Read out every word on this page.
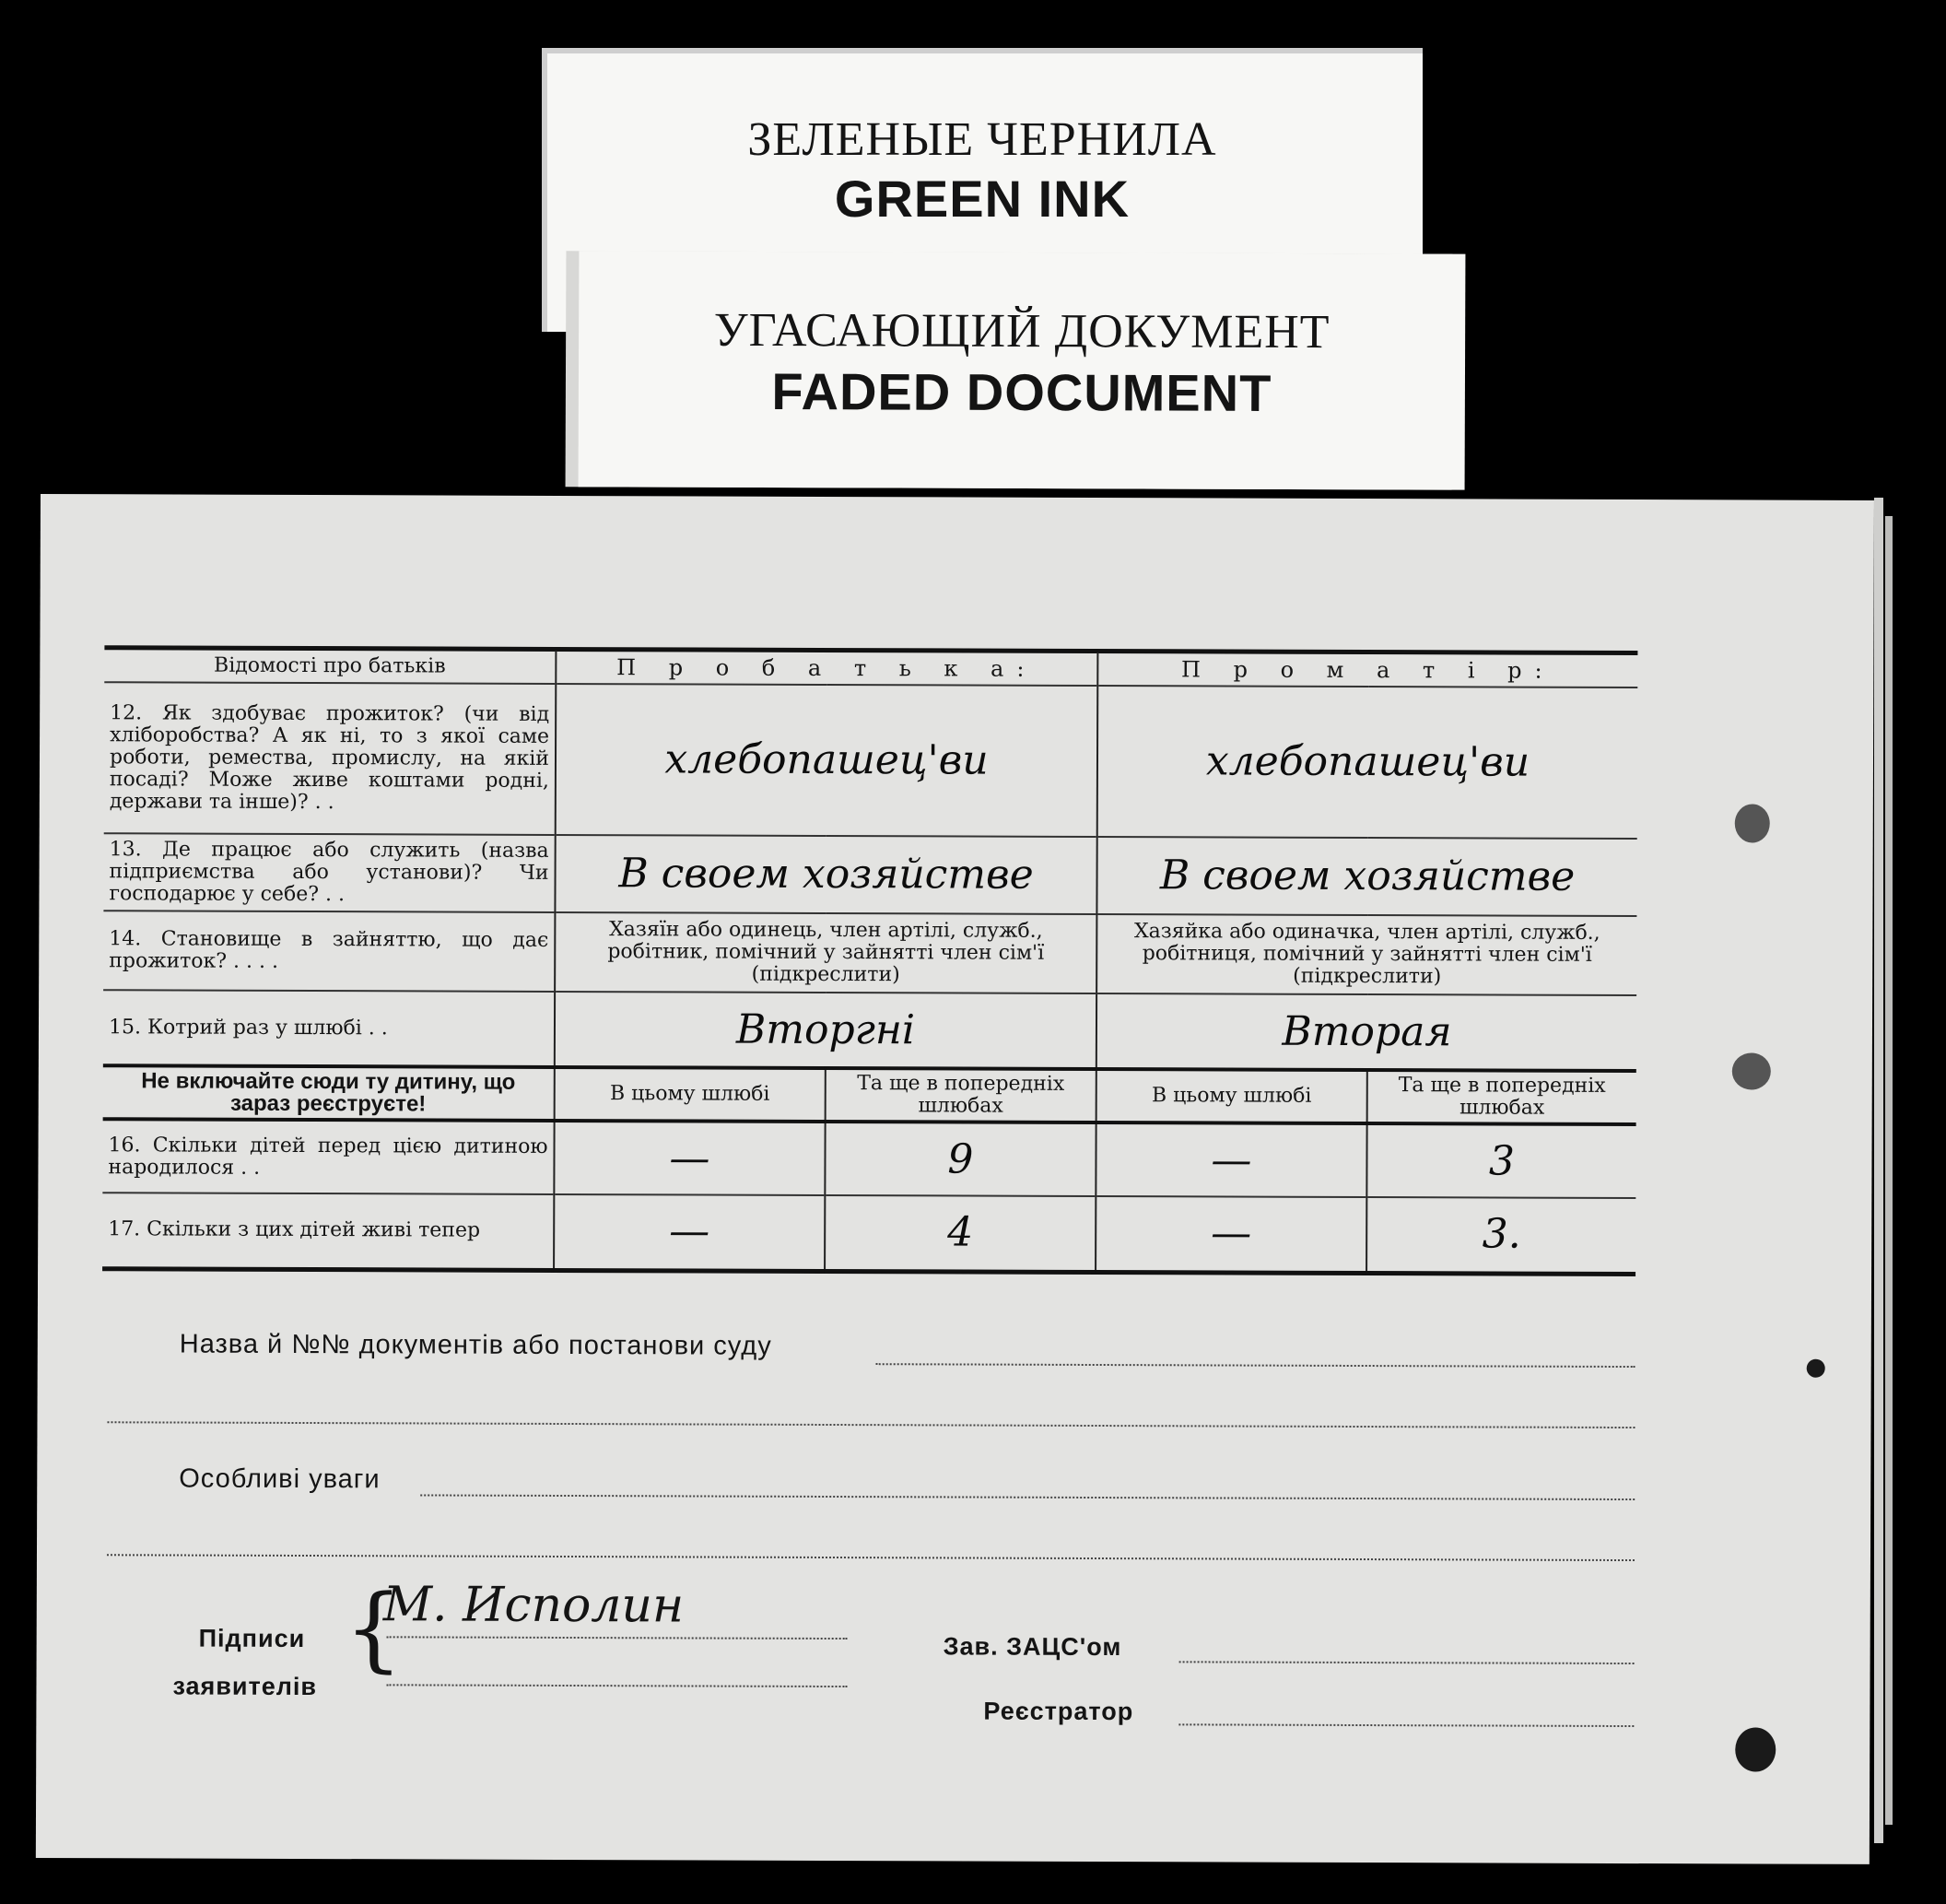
ЗЕЛЕНЫЕ ЧЕРНИЛА
GREEN INK
УГАСАЮЩИЙ ДОКУМЕНТ
FADED DOCUMENT
Відомості про батьків	П р о б а т ь к а:		П р о м а т і р:	
12. Як здобуває прожиток? (чи від хліборобства? А як ні, то з якої саме роботи, ремества, промислу, на якій посаді? Може живе коштами родні, держави та інше)? . .	хлебопашец'ви		хлебопашец'ви	
13. Де працює або служить (назва підприємства або установи)? Чи господарює у себе? . .	В своем хозяйстве		В своем хозяйстве	
14. Становище в зайняттю, що дає прожиток? . . . .	Хазяїн або одинець, член артілі, служб., робітник, помічний у зайнятті член сім'ї (підкреслити)		Хазяйка або одиначка, член артілі, служб., робітниця, помічний у зайнятті член сім'ї (підкреслити)	
15. Котрий раз у шлюбі . .	Вторгні		Вторая	
Не включайте сюди ту дитину, що зараз реєструєте!	В цьому шлюбі	Та ще в попередніх шлюбах	В цьому шлюбі	Та ще в попередніх шлюбах
16. Скільки дітей перед цією дитиною народилося . .	—	9	—	3
17. Скільки з цих дітей живі тепер	—	4	—	3.
Назва й №№ документів або постанови суду
Особливі уваги
Підписи
заявителів
{
М. Исполин
Зав. ЗАЦС'ом
Реєстратор
